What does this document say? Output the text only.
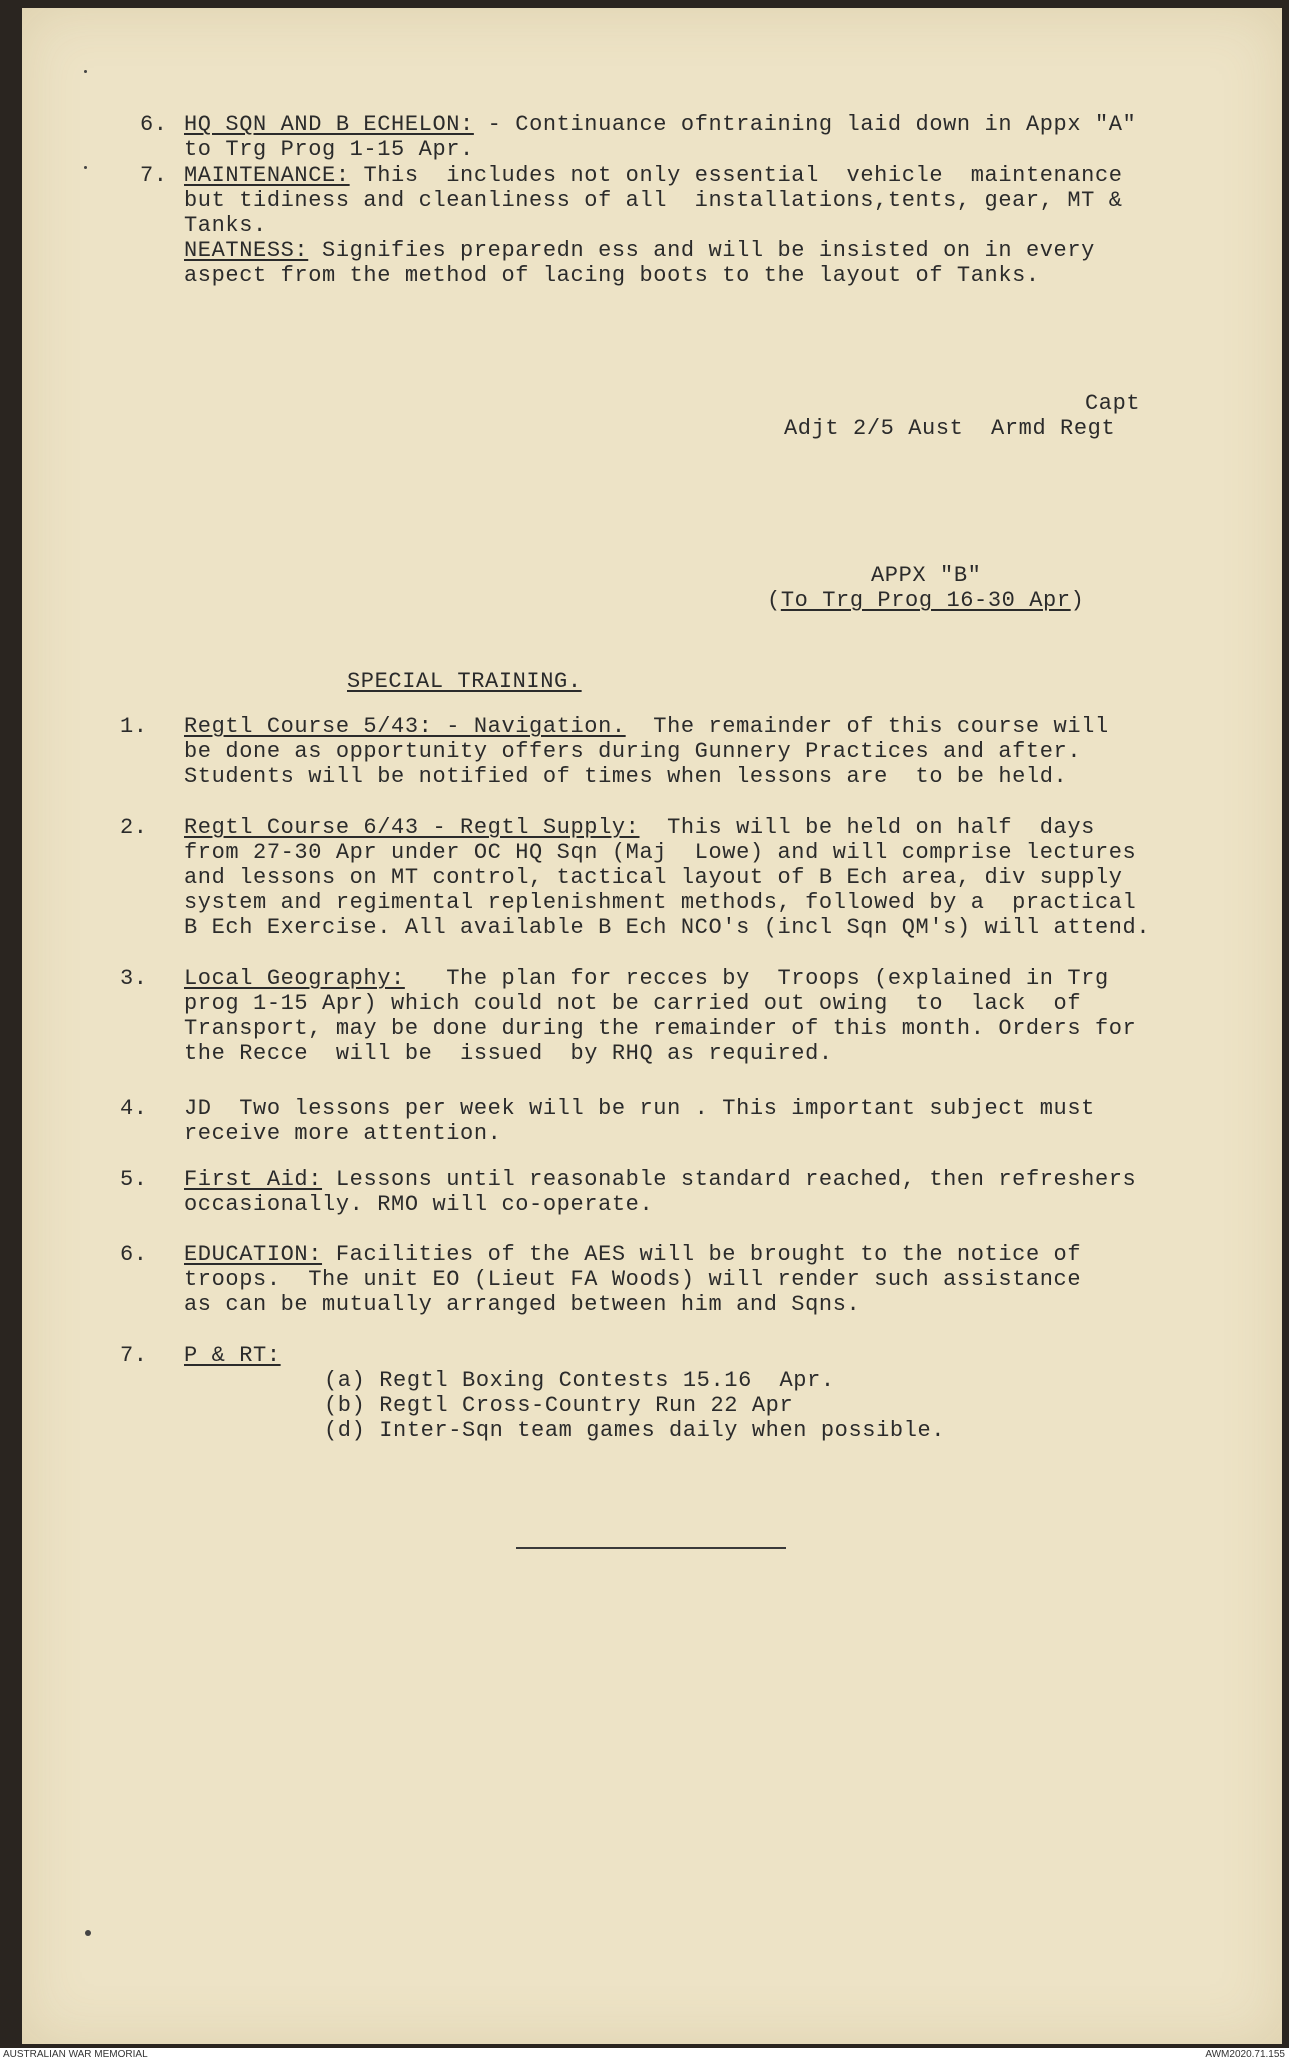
6. HQ SQN AND B ECHELON: - Continuance ofntraining laid down in Appx "A"
to Trg Prog 1-15 Apr.
7. MAINTENANCE: This  includes not only essential  vehicle  maintenance
but tidiness and cleanliness of all  installations,tents, gear, MT &
Tanks.
NEATNESS: Signifies preparedn ess and will be insisted on in every
aspect from the method of lacing boots to the layout of Tanks.
Capt
Adjt 2/5 Aust  Armd Regt
APPX "B"
(To Trg Prog 16-30 Apr)
SPECIAL TRAINING.
1. Regtl Course 5/43: - Navigation.  The remainder of this course will
be done as opportunity offers during Gunnery Practices and after.
Students will be notified of times when lessons are  to be held.
2. Regtl Course 6/43 - Regtl Supply:  This will be held on half  days
from 27-30 Apr under OC HQ Sqn (Maj  Lowe) and will comprise lectures
and lessons on MT control, tactical layout of B Ech area, div supply
system and regimental replenishment methods, followed by a  practical
B Ech Exercise. All available B Ech NCO's (incl Sqn QM's) will attend.
3. Local Geography:   The plan for recces by  Troops (explained in Trg
prog 1-15 Apr) which could not be carried out owing  to  lack  of
Transport, may be done during the remainder of this month. Orders for
the Recce  will be  issued  by RHQ as required.
4. JD  Two lessons per week will be run . This important subject must
receive more attention.
5. First Aid: Lessons until reasonable standard reached, then refreshers
occasionally. RMO will co-operate.
6. EDUCATION: Facilities of the AES will be brought to the notice of
troops.  The unit EO (Lieut FA Woods) will render such assistance
as can be mutually arranged between him and Sqns.
7. P & RT:
(a) Regtl Boxing Contests 15.16  Apr.
(b) Regtl Cross-Country Run 22 Apr
(d) Inter-Sqn team games daily when possible.
AUSTRALIAN WAR MEMORIAL	AWM2020.71.155
